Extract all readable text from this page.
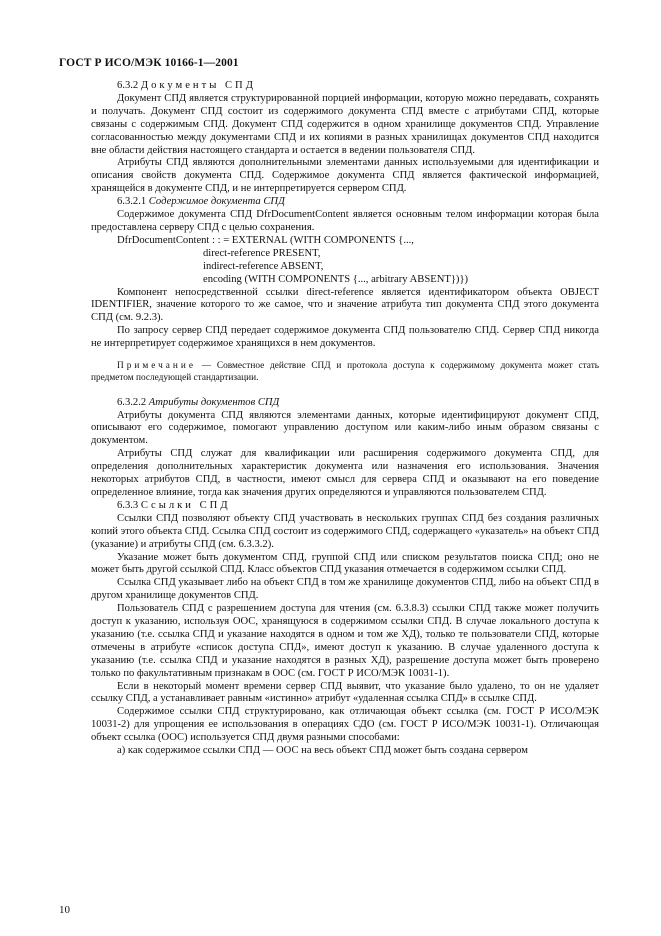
ГОСТ Р ИСО/МЭК 10166-1—2001

6.3.2 Документы СПД

Документ СПД является структурированной порцией информации, которую можно передавать, сохранять и получать. Документ СПД состоит из содержимого документа СПД вместе с атрибутами СПД, которые связаны с содержимым СПД. Документ СПД содержится в одном хранилище документов СПД. Управление согласованностью между документами СПД и их копиями в разных хранилищах документов СПД находится вне области действия настоящего стандарта и остается в ведении пользователя СПД.

Атрибуты СПД являются дополнительными элементами данных используемыми для идентификации и описания свойств документа СПД. Содержимое документа СПД является фактической информацией, хранящейся в документе СПД, и не интерпретируется сервером СПД.

6.3.2.1 Содержимое документа СПД

Содержимое документа СПД DfrDocumentContent является основным телом информации которая была предоставлена серверу СПД с целью сохранения.

DfrDocumentContent : : = EXTERNAL (WITH COMPONENTS {...,

direct-reference PRESENT,

indirect-reference ABSENT,

encoding (WITH COMPONENTS {..., arbitrary ABSENT})})

Компонент непосредственной ссылки direct-reference является идентификатором объекта OBJECT IDENTIFIER, значение которого то же самое, что и значение атрибута тип документа СПД этого документа СПД (см. 9.2.3).

По запросу сервер СПД передает содержимое документа СПД пользователю СПД. Сервер СПД никогда не интерпретирует содержимое хранящихся в нем документов.

Примечание — Совместное действие СПД и протокола доступа к содержимому документа может стать предметом последующей стандартизации.

6.3.2.2 Атрибуты документов СПД

Атрибуты документа СПД являются элементами данных, которые идентифицируют документ СПД, описывают его содержимое, помогают управлению доступом или каким-либо иным образом связаны с документом.

Атрибуты СПД служат для квалификации или расширения содержимого документа СПД, для определения дополнительных характеристик документа или назначения его использования. Значения некоторых атрибутов СПД, в частности, имеют смысл для сервера СПД и оказывают на его поведение определенное влияние, тогда как значения других определяются и управляются пользователем СПД.

6.3.3 Ссылки СПД

Ссылки СПД позволяют объекту СПД участвовать в нескольких группах СПД без создания различных копий этого объекта СПД. Ссылка СПД состоит из содержимого СПД, содержащего «указатель» на объект СПД (указание) и атрибуты СПД (см. 6.3.3.2).

Указание может быть документом СПД, группой СПД или списком результатов поиска СПД; оно не может быть другой ссылкой СПД. Класс объектов СПД указания отмечается в содержимом ссылки СПД.

Ссылка СПД указывает либо на объект СПД в том же хранилище документов СПД, либо на объект СПД в другом хранилище документов СПД.

Пользователь СПД с разрешением доступа для чтения (см. 6.3.8.3) ссылки СПД также может получить доступ к указанию, используя ООС, хранящуюся в содержимом ссылки СПД. В случае локального доступа к указанию (т.е. ссылка СПД и указание находятся в одном и том же ХД), только те пользователи СПД, которые отмечены в атрибуте «список доступа СПД», имеют доступ к указанию. В случае удаленного доступа к указанию (т.е. ссылка СПД и указание находятся в разных ХД), разрешение доступа может быть проверено только по факультативным признакам в ООС (см. ГОСТ Р ИСО/МЭК 10031-1).

Если в некоторый момент времени сервер СПД выявит, что указание было удалено, то он не удаляет ссылку СПД, а устанавливает равным «истинно» атрибут «удаленная ссылка СПД» в ссылке СПД.

Содержимое ссылки СПД структурировано, как отличающая объект ссылка (см. ГОСТ Р ИСО/МЭК 10031-2) для упрощения ее использования в операциях СДО (см. ГОСТ Р ИСО/МЭК 10031-1). Отличающая объект ссылка (ООС) используется СПД двумя разными способами:

а) как содержимое ссылки СПД — ООС на весь объект СПД может быть создана сервером

10
